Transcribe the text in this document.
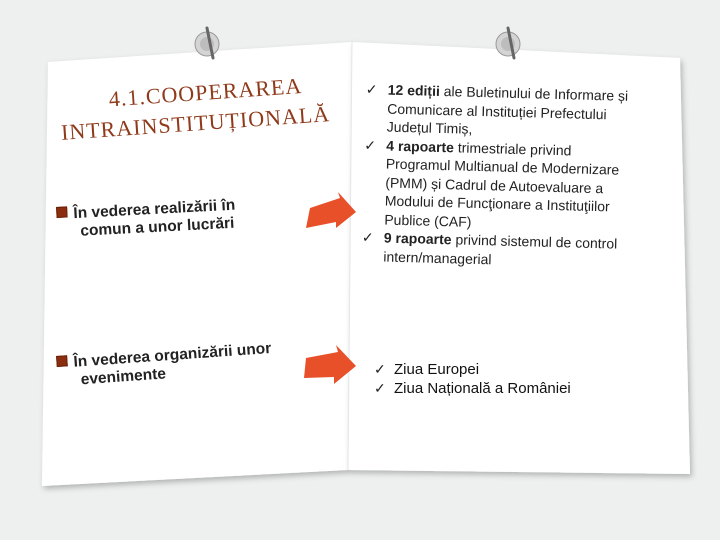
4.1.COOPERAREA
INTRAINSTITUȚIONALĂ
În vederea realizării în
comun a unor lucrări
În vederea organizării unor
evenimente
✓ 12 ediții ale Buletinului de Informare și Comunicare al Instituției Prefectului Județul Timiș,
✓ 4 rapoarte trimestriale privind Programul Multianual de Modernizare (PMM) și Cadrul de Autoevaluare a Modului de Funcţionare a Instituţiilor Publice (CAF)
✓ 9 rapoarte privind sistemul de control intern/managerial
✓ Ziua Europei
✓ Ziua Națională a României
